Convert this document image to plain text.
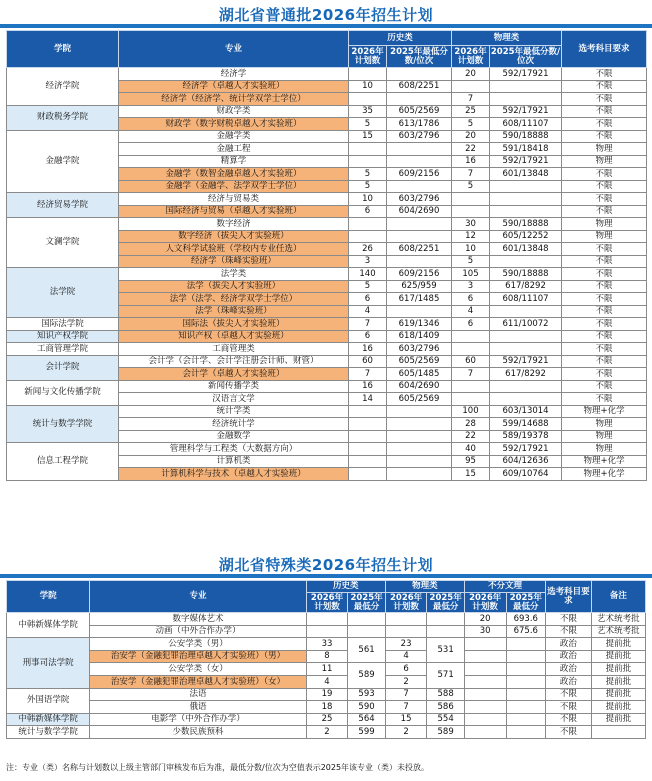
湖北省普通批2026年招生计划
学院	专业	历史类		物理类		选考科目要求
		2026年计划数	2025年最低分数/位次	2026年计划数	2025年最低分数/位次	
经济学院	经济学			20	592/17921	不限
	经济学（卓越人才实验班）	10	608/2251			不限
	经济学（经济学、统计学双学士学位）			7		不限
财政税务学院	财政学类	35	605/2569	25	592/17921	不限
	财政学（数字财税卓越人才实验班）	5	613/1786	5	608/11107	不限
金融学院	金融学类	15	603/2796	20	590/18888	不限
	金融工程			22	591/18418	物理
	精算学			16	592/17921	物理
	金融学（数智金融卓越人才实验班）	5	609/2156	7	601/13848	不限
	金融学（金融学、法学双学士学位）	5		5		不限
经济贸易学院	经济与贸易类	10	603/2796			不限
	国际经济与贸易（卓越人才实验班）	6	604/2690			不限
文澜学院	数字经济			30	590/18888	物理
	数字经济（拔尖人才实验班）			12	605/12252	物理
	人文科学试验班（学校内专业任选）	26	608/2251	10	601/13848	不限
	经济学（珠峰实验班）	3		5		不限
法学院	法学类	140	609/2156	105	590/18888	不限
	法学（拔尖人才实验班）	5	625/959	3	617/8292	不限
	法学（法学、经济学双学士学位）	6	617/1485	6	608/11107	不限
	法学（珠峰实验班）	4		4		不限
国际法学院	国际法（拔尖人才实验班）	7	619/1346	6	611/10072	不限
知识产权学院	知识产权（卓越人才实验班）	6	618/1409			不限
工商管理学院	工商管理类	16	603/2796			不限
会计学院	会计学（会计学、会计学注册会计师、财管）	60	605/2569	60	592/17921	不限
	会计学（卓越人才实验班）	7	605/1485	7	617/8292	不限
新闻与文化传播学院	新闻传播学类	16	604/2690			不限
	汉语言文学	14	605/2569			不限
统计与数学学院	统计学类			100	603/13014	物理+化学
	经济统计学			28	599/14688	物理
	金融数学			22	589/19378	物理
信息工程学院	管理科学与工程类（大数据方向）			40	592/17921	物理
	计算机类			95	604/12636	物理+化学
	计算机科学与技术（卓越人才实验班）			15	609/10764	物理+化学
湖北省特殊类2026年招生计划
学院	专业	历史类		物理类		不分文理		选考科目要求	备注
		2026年计划数	2025年最低分	2026年计划数	2025年最低分	2026年计划数	2025年最低分		
中韩新媒体学院	数字媒体艺术					20	693.6	不限	艺术统考批
	动画（中外合作办学）					30	675.6	不限	艺术统考批
刑事司法学院	公安学类（男）	33	561	23	531			政治	提前批
	治安学（金融犯罪治理卓越人才实验班）（男）	8		4				政治	提前批
	公安学类（女）	11	589	6	571			政治	提前批
	治安学（金融犯罪治理卓越人才实验班）（女）	4		2				政治	提前批
外国语学院	法语	19	593	7	588			不限	提前批
	俄语	18	590	7	586			不限	提前批
中韩新媒体学院	电影学（中外合作办学）	25	564	15	554			不限	提前批
统计与数学学院	少数民族预科	2	599	2	589			不限	
注：专业（类）名称与计划数以上级主管部门审核发布后为准，最低分数/位次为空值表示2025年该专业（类）未投放。
